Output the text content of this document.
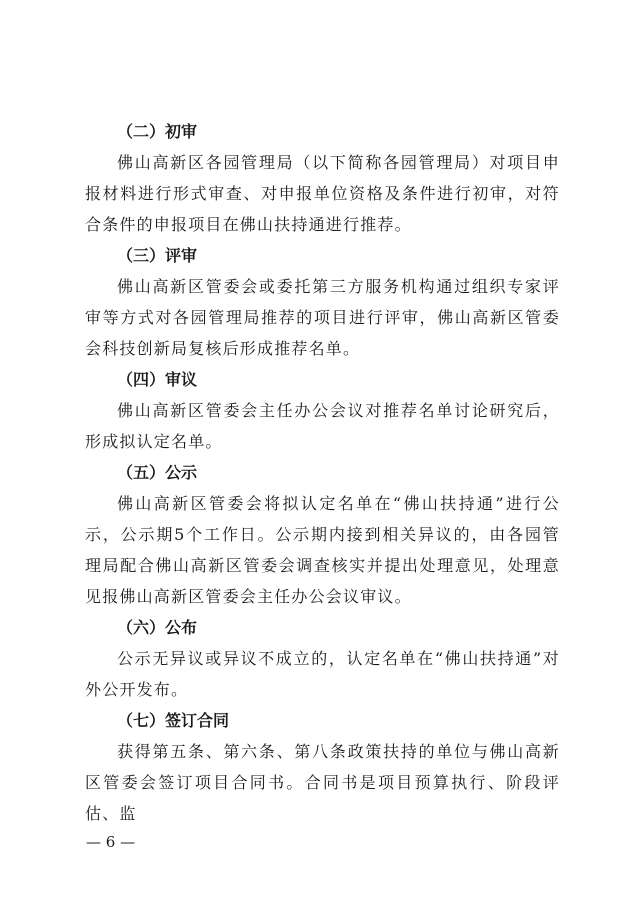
（二）初审
佛山高新区各园管理局（以下简称各园管理局）对项目申报材料进行形式审查、对申报单位资格及条件进行初审，对符合条件的申报项目在佛山扶持通进行推荐。
（三）评审
佛山高新区管委会或委托第三方服务机构通过组织专家评审等方式对各园管理局推荐的项目进行评审，佛山高新区管委会科技创新局复核后形成推荐名单。
（四）审议
佛山高新区管委会主任办公会议对推荐名单讨论研究后，形成拟认定名单。
（五）公示
佛山高新区管委会将拟认定名单在“佛山扶持通”进行公示，公示期5个工作日。公示期内接到相关异议的，由各园管理局配合佛山高新区管委会调查核实并提出处理意见，处理意见报佛山高新区管委会主任办公会议审议。
（六）公布
公示无异议或异议不成立的，认定名单在“佛山扶持通”对外公开发布。
（七）签订合同
获得第五条、第六条、第八条政策扶持的单位与佛山高新区管委会签订项目合同书。合同书是项目预算执行、阶段评估、监
— 6 —
